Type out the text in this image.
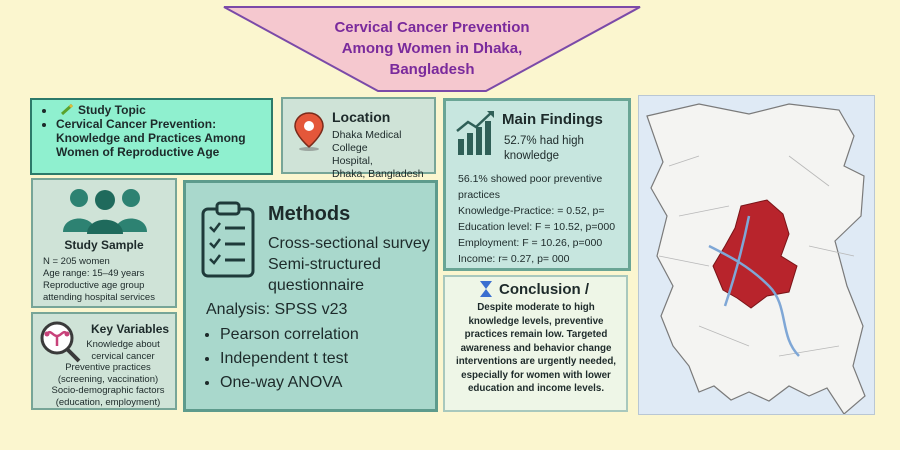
Cervical Cancer Prevention
Among Women in Dhaka,
Bangladesh
• Study Topic
• Cervical Cancer Prevention: Knowledge and Practices Among Women of Reproductive Age
Location
Dhaka Medical College
Hospital,
Dhaka, Bangladesh
Main Findings
52.7% had high knowledge
56.1% showed poor preventive practices
Knowledge-Practice: = 0.52, p=
Education level: F = 10.52, p=000
Employment: F = 10.26, p=000
Income: r= 0.27, p= 000
Study Sample
N = 205 women
Age range: 15–49 years
Reproductive age group attending hospital services
Key Variables
Knowledge about cervical cancer
Preventive practices (screening, vaccination)
Socio-demographic factors (education, employment)
Methods
Cross-sectional survey
Semi-structured questionnaire
Analysis: SPSS v23
• Pearson correlation
• Independent t test
• One-way ANOVA
Conclusion /
Despite moderate to high knowledge levels, preventive practices remain low. Targeted awareness and behavior change interventions are urgently needed, especially for women with lower education and income levels.
